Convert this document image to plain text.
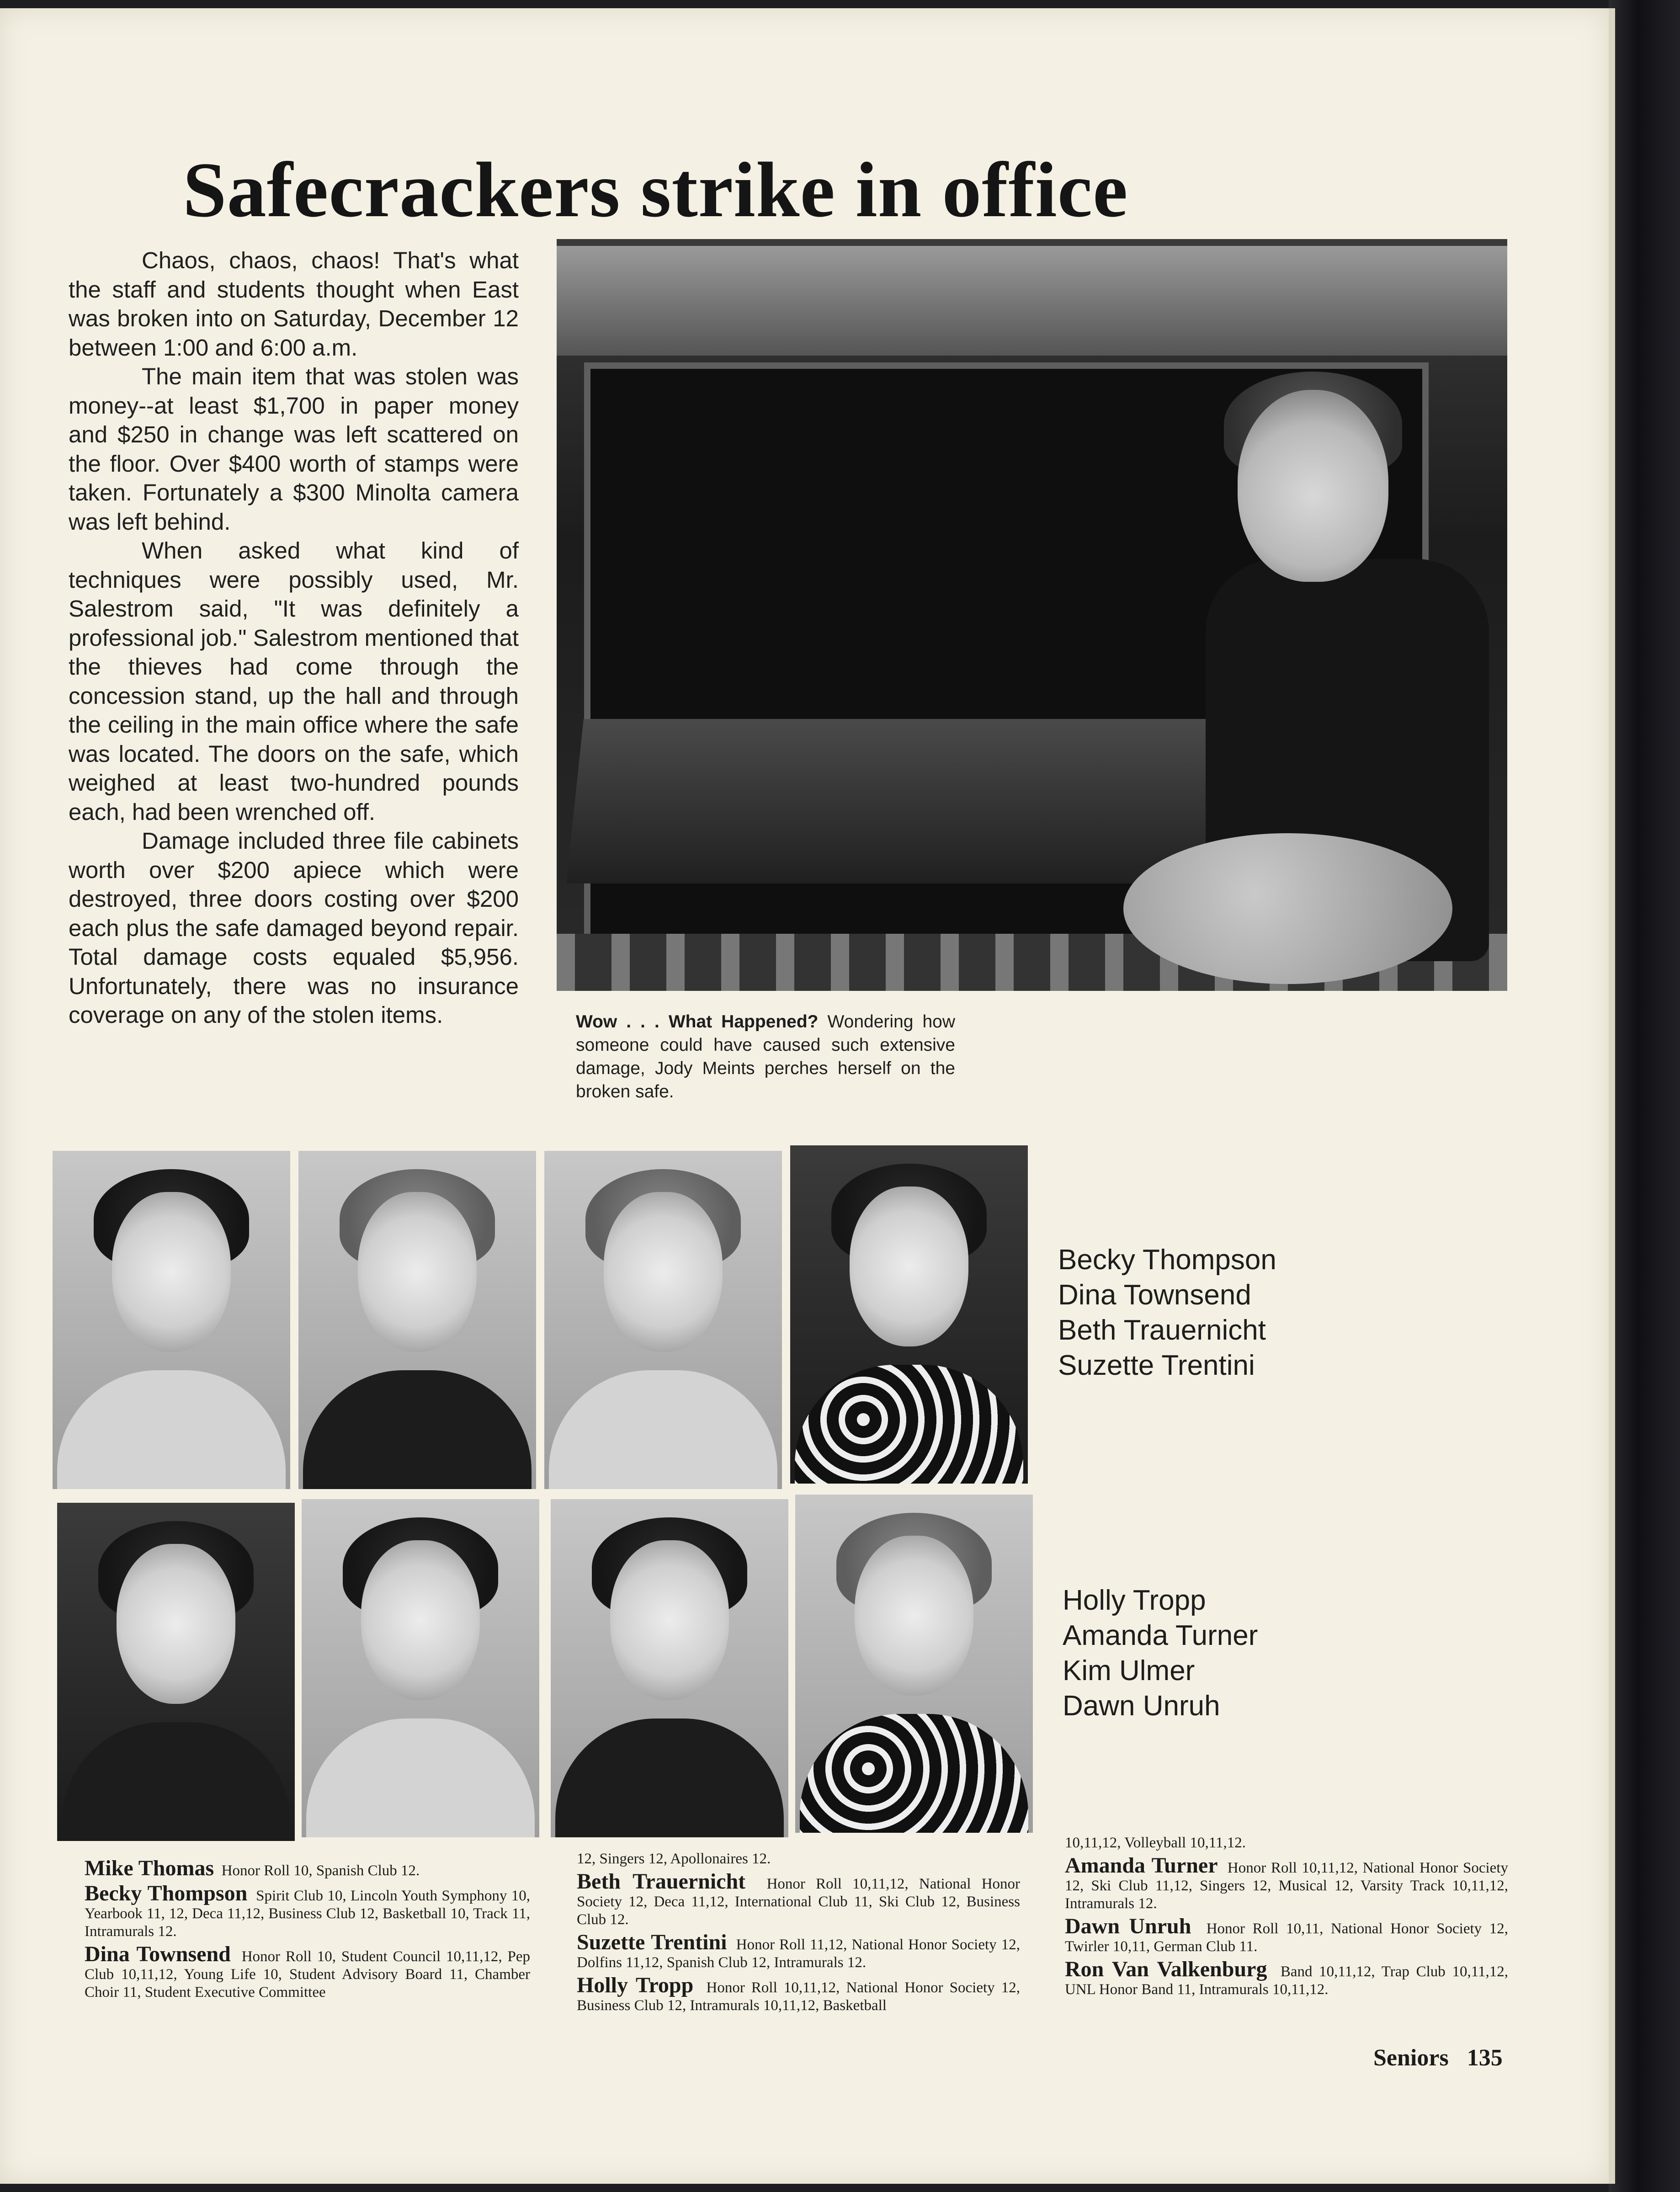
Safecrackers strike in office

Chaos, chaos, chaos! That's what the staff and students thought when East was broken into on Saturday, December 12 between 1:00 and 6:00 a.m.

The main item that was stolen was money--at least $1,700 in paper money and $250 in change was left scattered on the floor. Over $400 worth of stamps were taken. Fortunately a $300 Minolta camera was left behind.

When asked what kind of techniques were possibly used, Mr. Salestrom said, "It was definitely a professional job." Salestrom mentioned that the thieves had come through the concession stand, up the hall and through the ceiling in the main office where the safe was located. The doors on the safe, which weighed at least two-hundred pounds each, had been wrenched off.

Damage included three file cabinets worth over $200 apiece which were destroyed, three doors costing over $200 each plus the safe damaged beyond repair. Total damage costs equaled $5,956. Unfortunately, there was no insurance coverage on any of the stolen items.	Wow . . . What Happened? Wondering how someone could have caused such extensive damage, Jody Meints perches herself on the broken safe.
Becky Thompson
Dina Townsend
Beth Trauernicht
Suzette Trentini
Holly Tropp
Amanda Turner
Kim Ulmer
Dawn Unruh

Mike Thomas Honor Roll 10, Spanish Club 12.

Becky Thompson Spirit Club 10, Lincoln Youth Symphony 10, Yearbook 11, 12, Deca 11,12, Business Club 12, Basketball 10, Track 11, Intramurals 12.

Dina Townsend Honor Roll 10, Student Council 10,11,12, Pep Club 10,11,12, Young Life 10, Student Advisory Board 11, Chamber Choir 11, Student Executive Committee

12, Singers 12, Apollonaires 12.

Beth Trauernicht Honor Roll 10,11,12, National Honor Society 12, Deca 11,12, International Club 11, Ski Club 12, Business Club 12.

Suzette Trentini Honor Roll 11,12, National Honor Society 12, Dolfins 11,12, Spanish Club 12, Intramurals 12.

Holly Tropp Honor Roll 10,11,12, National Honor Society 12, Business Club 12, Intramurals 10,11,12, Basketball

10,11,12, Volleyball 10,11,12.

Amanda Turner Honor Roll 10,11,12, National Honor Society 12, Ski Club 11,12, Singers 12, Musical 12, Varsity Track 10,11,12, Intramurals 12.

Dawn Unruh Honor Roll 10,11, National Honor Society 12, Twirler 10,11, German Club 11.

Ron Van Valkenburg Band 10,11,12, Trap Club 10,11,12, UNL Honor Band 11, Intramurals 10,11,12.

Seniors 135
